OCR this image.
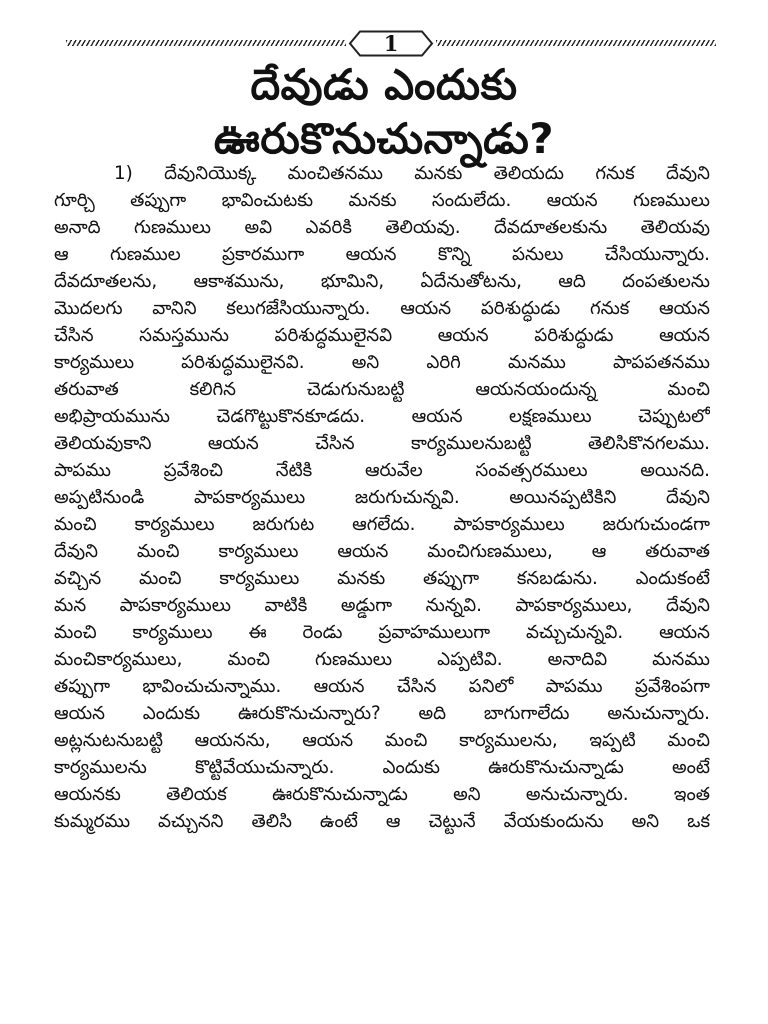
1
దేవుడు ఎందుకు
ఊరుకొనుచున్నాడు?
1) దేవునియొక్క మంచితనము మనకు తెలియదు గనుక దేవుని
గూర్చి తప్పుగా భావించుటకు మనకు సందులేదు. ఆయన గుణములు
అనాది గుణములు అవి ఎవరికి తెలియవు. దేవదూతలకును తెలియవు
ఆ గుణముల ప్రకారముగా ఆయన కొన్ని పనులు చేసియున్నారు.
దేవదూతలను, ఆకాశమును, భూమిని, ఏదేనుతోటను, ఆది దంపతులను
మొదలగు వానిని కలుగజేసియున్నారు. ఆయన పరిశుద్ధుడు గనుక ఆయన
చేసిన సమస్తమును పరిశుద్ధములైనవి ఆయన పరిశుద్ధుడు ఆయన
కార్యములు పరిశుద్ధములైనవి. అని ఎరిగి మనము పాపపతనము
తరువాత కలిగిన చెడుగునుబట్టి ఆయనయందున్న మంచి
అభిప్రాయమును చెడగొట్టుకొనకూడదు. ఆయన లక్షణములు చెప్పుటలో
తెలియవుకాని ఆయన చేసిన కార్యములనుబట్టి తెలిసికొనగలము.
పాపము ప్రవేశించి నేటికి ఆరువేల సంవత్సరములు అయినది.
అప్పటినుండి పాపకార్యములు జరుగుచున్నవి. అయినప్పటికిని దేవుని
మంచి కార్యములు జరుగుట ఆగలేదు. పాపకార్యములు జరుగుచుండగా
దేవుని మంచి కార్యములు ఆయన మంచిగుణములు, ఆ తరువాత
వచ్చిన మంచి కార్యములు మనకు తప్పుగా కనబడును. ఎందుకంటే
మన పాపకార్యములు వాటికి అడ్డుగా నున్నవి. పాపకార్యములు, దేవుని
మంచి కార్యములు ఈ రెండు ప్రవాహములుగా వచ్చుచున్నవి. ఆయన
మంచికార్యములు, మంచి గుణములు ఎప్పటివి. అనాదివి మనము
తప్పుగా భావించుచున్నాము. ఆయన చేసిన పనిలో పాపము ప్రవేశింపగా
ఆయన ఎందుకు ఊరుకొనుచున్నారు? అది బాగుగాలేదు అనుచున్నారు.
అట్లనుటనుబట్టి ఆయనను, ఆయన మంచి కార్యములను, ఇప్పటి మంచి
కార్యములను కొట్టివేయుచున్నారు. ఎందుకు ఊరుకొనుచున్నాడు అంటే
ఆయనకు తెలియక ఊరుకొనుచున్నాడు అని అనుచున్నారు. ఇంత
కుమ్మరము వచ్చునని తెలిసి ఉంటే ఆ చెట్టునే వేయకుందును అని ఒక
